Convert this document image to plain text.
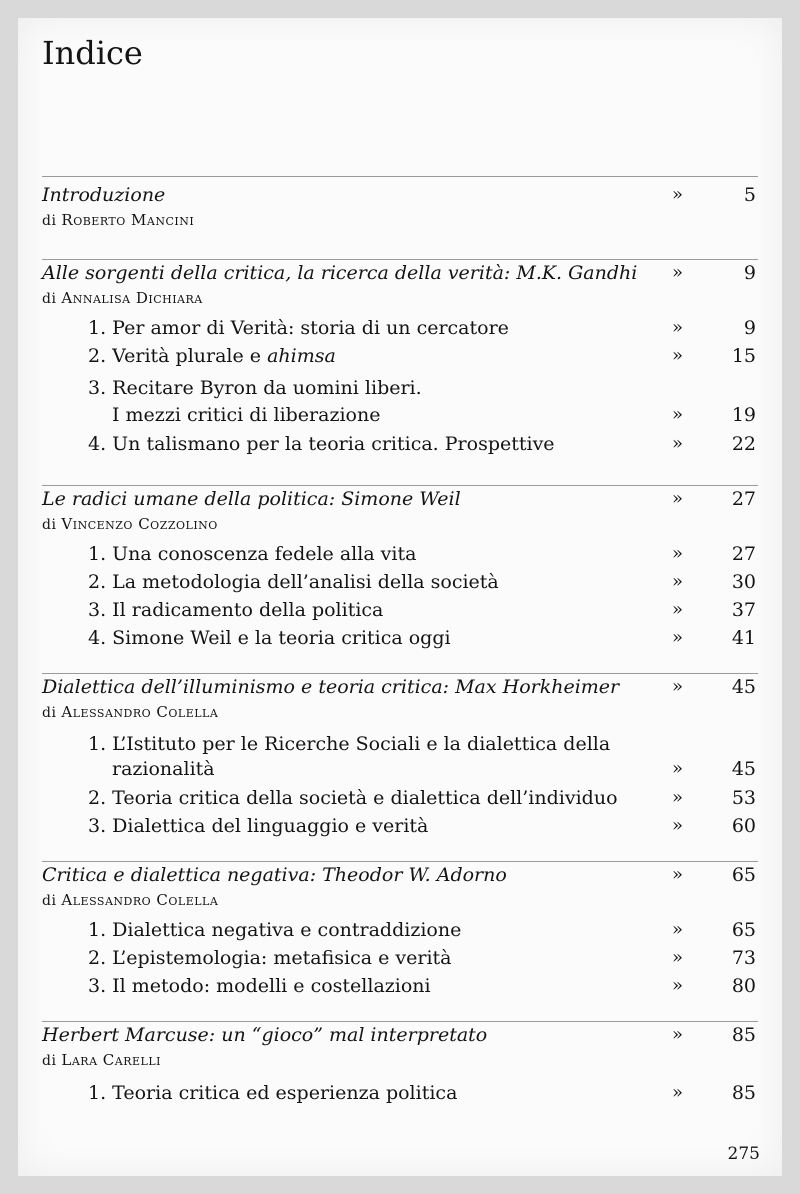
Indice
Introduzione	»	5
di Roberto Mancini
Alle sorgenti della critica, la ricerca della verità: M.K. Gandhi »	9
di Annalisa Dichiara
1. Per amor di Verità: storia di un cercatore	»	9
2. Verità plurale e ahimsa	»	15
3. Recitare Byron da uomini liberi.
I mezzi critici di liberazione	»	19
4. Un talismano per la teoria critica. Prospettive	»	22
Le radici umane della politica: Simone Weil	»	27
di Vincenzo Cozzolino
1. Una conoscenza fedele alla vita	»	27
2. La metodologia dell’analisi della società	»	30
3. Il radicamento della politica	»	37
4. Simone Weil e la teoria critica oggi	»	41
Dialettica dell’illuminismo e teoria critica: Max Horkheimer	»	45
di Alessandro Colella
1. L’Istituto per le Ricerche Sociali e la dialettica della
razionalità	»	45
2. Teoria critica della società e dialettica dell’individuo	»	53
3. Dialettica del linguaggio e verità	»	60
Critica e dialettica negativa: Theodor W. Adorno	»	65
di Alessandro Colella
1. Dialettica negativa e contraddizione	»	65
2. L’epistemologia: metafisica e verità	»	73
3. Il metodo: modelli e costellazioni	»	80
Herbert Marcuse: un “gioco” mal interpretato	»	85
di Lara Carelli
1. Teoria critica ed esperienza politica	»	85
275
